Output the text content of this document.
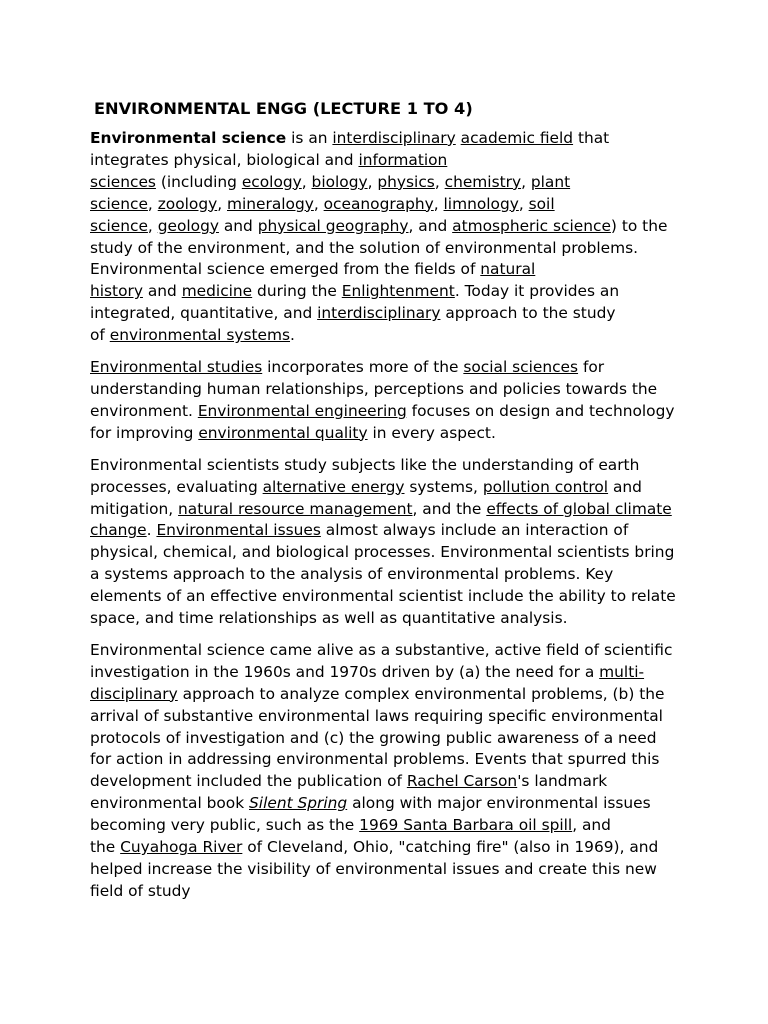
ENVIRONMENTAL ENGG (LECTURE 1 TO 4)

Environmental science is an interdisciplinary academic field that
integrates physical, biological and information
sciences (including ecology, biology, physics, chemistry, plant
science, zoology, mineralogy, oceanography, limnology, soil
science, geology and physical geography, and atmospheric science) to the
study of the environment, and the solution of environmental problems.
Environmental science emerged from the fields of natural
history and medicine during the Enlightenment. Today it provides an
integrated, quantitative, and interdisciplinary approach to the study
of environmental systems.

Environmental studies incorporates more of the social sciences for
understanding human relationships, perceptions and policies towards the
environment. Environmental engineering focuses on design and technology
for improving environmental quality in every aspect.

Environmental scientists study subjects like the understanding of earth
processes, evaluating alternative energy systems, pollution control and
mitigation, natural resource management, and the effects of global climate
change. Environmental issues almost always include an interaction of
physical, chemical, and biological processes. Environmental scientists bring
a systems approach to the analysis of environmental problems. Key
elements of an effective environmental scientist include the ability to relate
space, and time relationships as well as quantitative analysis.

Environmental science came alive as a substantive, active field of scientific
investigation in the 1960s and 1970s driven by (a) the need for a multi-
disciplinary approach to analyze complex environmental problems, (b) the
arrival of substantive environmental laws requiring specific environmental
protocols of investigation and (c) the growing public awareness of a need
for action in addressing environmental problems. Events that spurred this
development included the publication of Rachel Carson's landmark
environmental book Silent Spring along with major environmental issues
becoming very public, such as the 1969 Santa Barbara oil spill, and
the Cuyahoga River of Cleveland, Ohio, "catching fire" (also in 1969), and
helped increase the visibility of environmental issues and create this new
field of study
